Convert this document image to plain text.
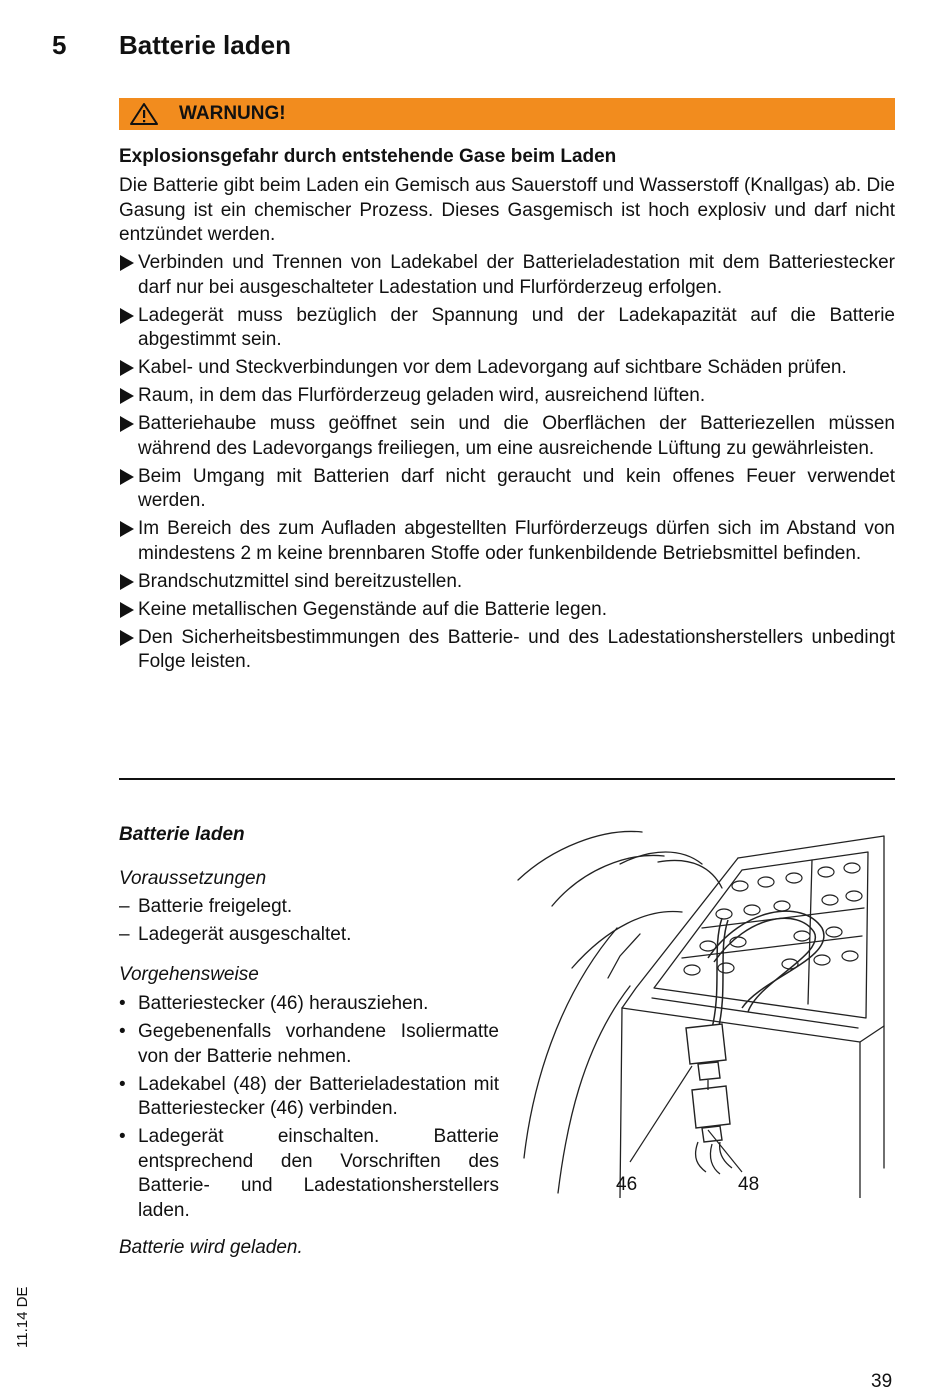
5 Batterie laden
WARNUNG!
Explosionsgefahr durch entstehende Gase beim Laden

Die Batterie gibt beim Laden ein Gemisch aus Sauerstoff und Wasserstoff (Knallgas) ab. Die Gasung ist ein chemischer Prozess. Dieses Gasgemisch ist hoch explosiv und darf nicht entzündet werden.

Verbinden und Trennen von Ladekabel der Batterieladestation mit dem Batteriestecker darf nur bei ausgeschalteter Ladestation und Flurförderzeug erfolgen.
Ladegerät muss bezüglich der Spannung und der Ladekapazität auf die Batterie abgestimmt sein.
Kabel- und Steckverbindungen vor dem Ladevorgang auf sichtbare Schäden prüfen.
Raum, in dem das Flurförderzeug geladen wird, ausreichend lüften.
Batteriehaube muss geöffnet sein und die Oberflächen der Batteriezellen müssen während des Ladevorgangs freiliegen, um eine ausreichende Lüftung zu gewährleisten.
Beim Umgang mit Batterien darf nicht geraucht und kein offenes Feuer verwendet werden.
Im Bereich des zum Aufladen abgestellten Flurförderzeugs dürfen sich im Abstand von mindestens 2 m keine brennbaren Stoffe oder funkenbildende Betriebsmittel befinden.
Brandschutzmittel sind bereitzustellen.
Keine metallischen Gegenstände auf die Batterie legen.
Den Sicherheitsbestimmungen des Batterie- und des Ladestationsherstellers unbedingt Folge leisten.
Batterie laden
Voraussetzungen
– Batterie freigelegt.
– Ladegerät ausgeschaltet.
Vorgehensweise
• Batteriestecker (46) herausziehen.
• Gegebenenfalls vorhandene Isoliermatte von der Batterie nehmen.
• Ladekabel (48) der Batterieladestation mit Batteriestecker (46) verbinden.
• Ladegerät einschalten. Batterie entsprechend den Vorschriften des Batterie- und Ladestationsherstellers laden.
Batterie wird geladen.
46	48
11.14 DE
39
